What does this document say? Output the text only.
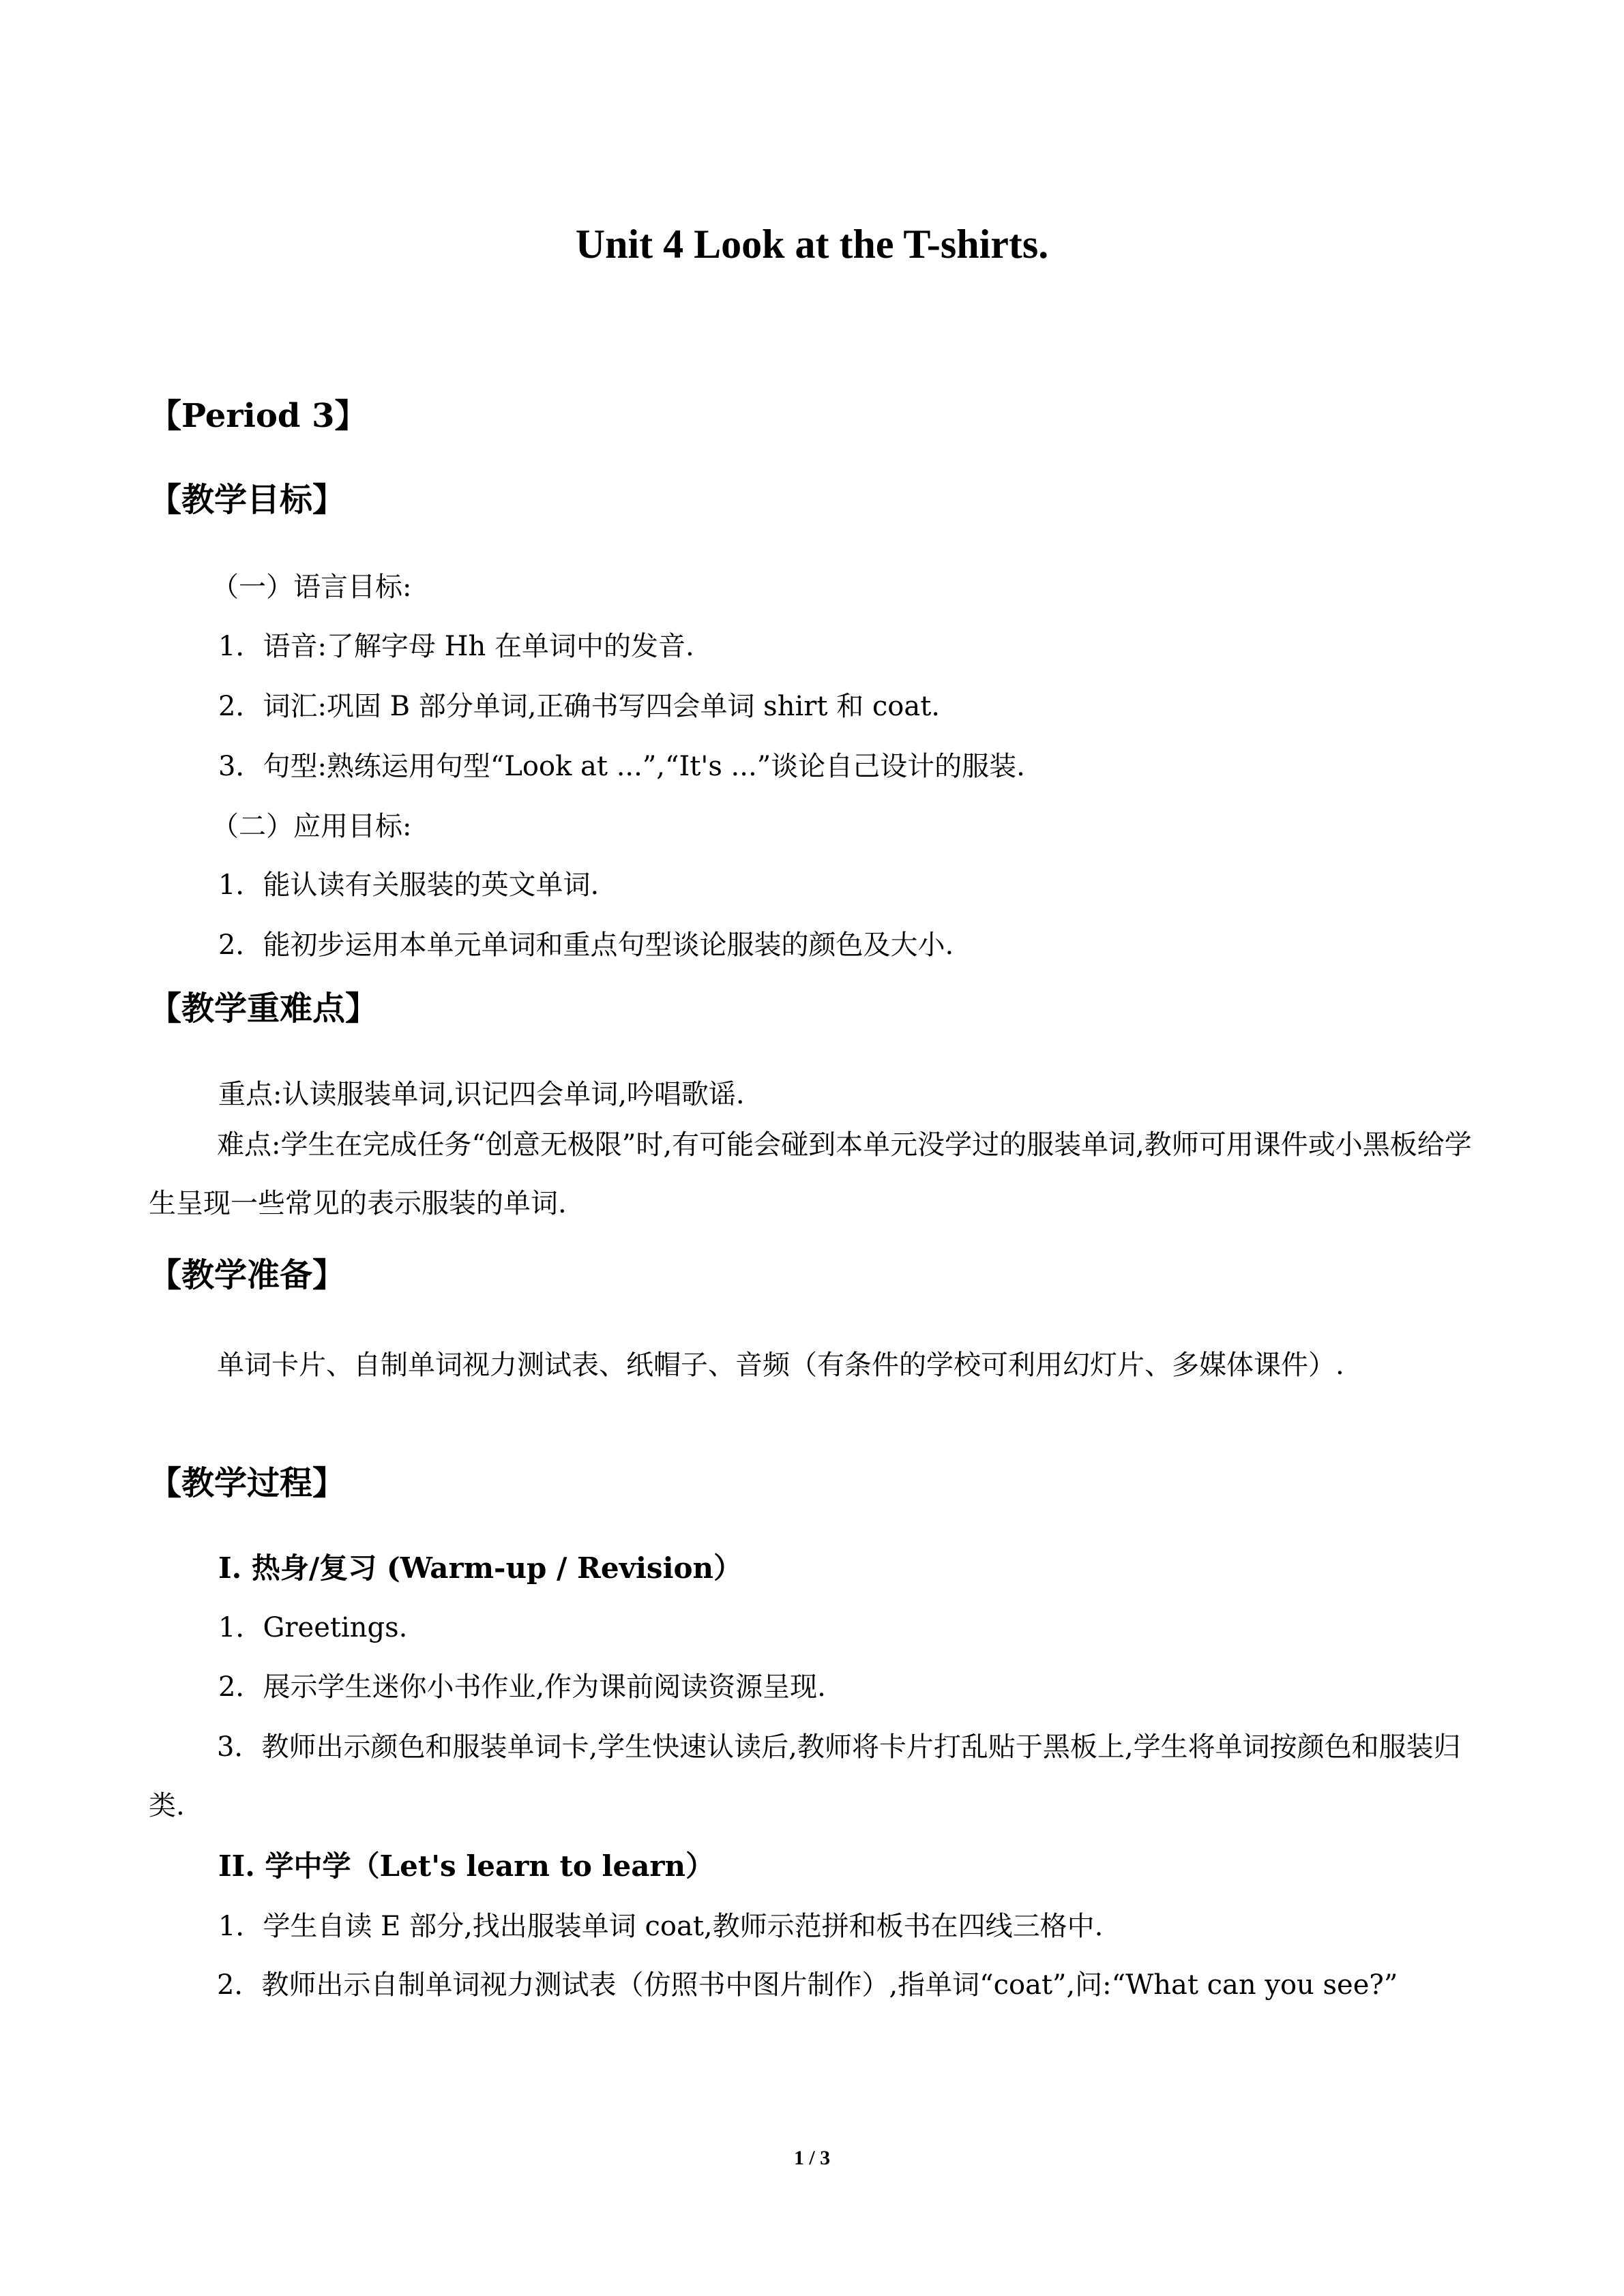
Unit 4 Look at the T-shirts.
【Period 3】
【教学目标】
（一）语言目标:
1．语音:了解字母 Hh 在单词中的发音.
2．词汇:巩固 B 部分单词,正确书写四会单词 shirt 和 coat.
3．句型:熟练运用句型“Look at ...”,“It's ...”谈论自己设计的服装.
（二）应用目标:
1．能认读有关服装的英文单词.
2．能初步运用本单元单词和重点句型谈论服装的颜色及大小.
【教学重难点】
重点:认读服装单词,识记四会单词,吟唱歌谣.
难点:学生在完成任务“创意无极限”时,有可能会碰到本单元没学过的服装单词,教师可用课件或小黑板给学生呈现一些常见的表示服装的单词.
【教学准备】
单词卡片、自制单词视力测试表、纸帽子、音频（有条件的学校可利用幻灯片、多媒体课件）.
【教学过程】
I. 热身/复习 (Warm-up / Revision）
1．Greetings.
2．展示学生迷你小书作业,作为课前阅读资源呈现.
3．教师出示颜色和服装单词卡,学生快速认读后,教师将卡片打乱贴于黑板上,学生将单词按颜色和服装归类.
II. 学中学（Let's learn to learn）
1．学生自读 E 部分,找出服装单词 coat,教师示范拼和板书在四线三格中.
2．教师出示自制单词视力测试表（仿照书中图片制作）,指单词“coat”,问:“What can you see?”
1 / 3
